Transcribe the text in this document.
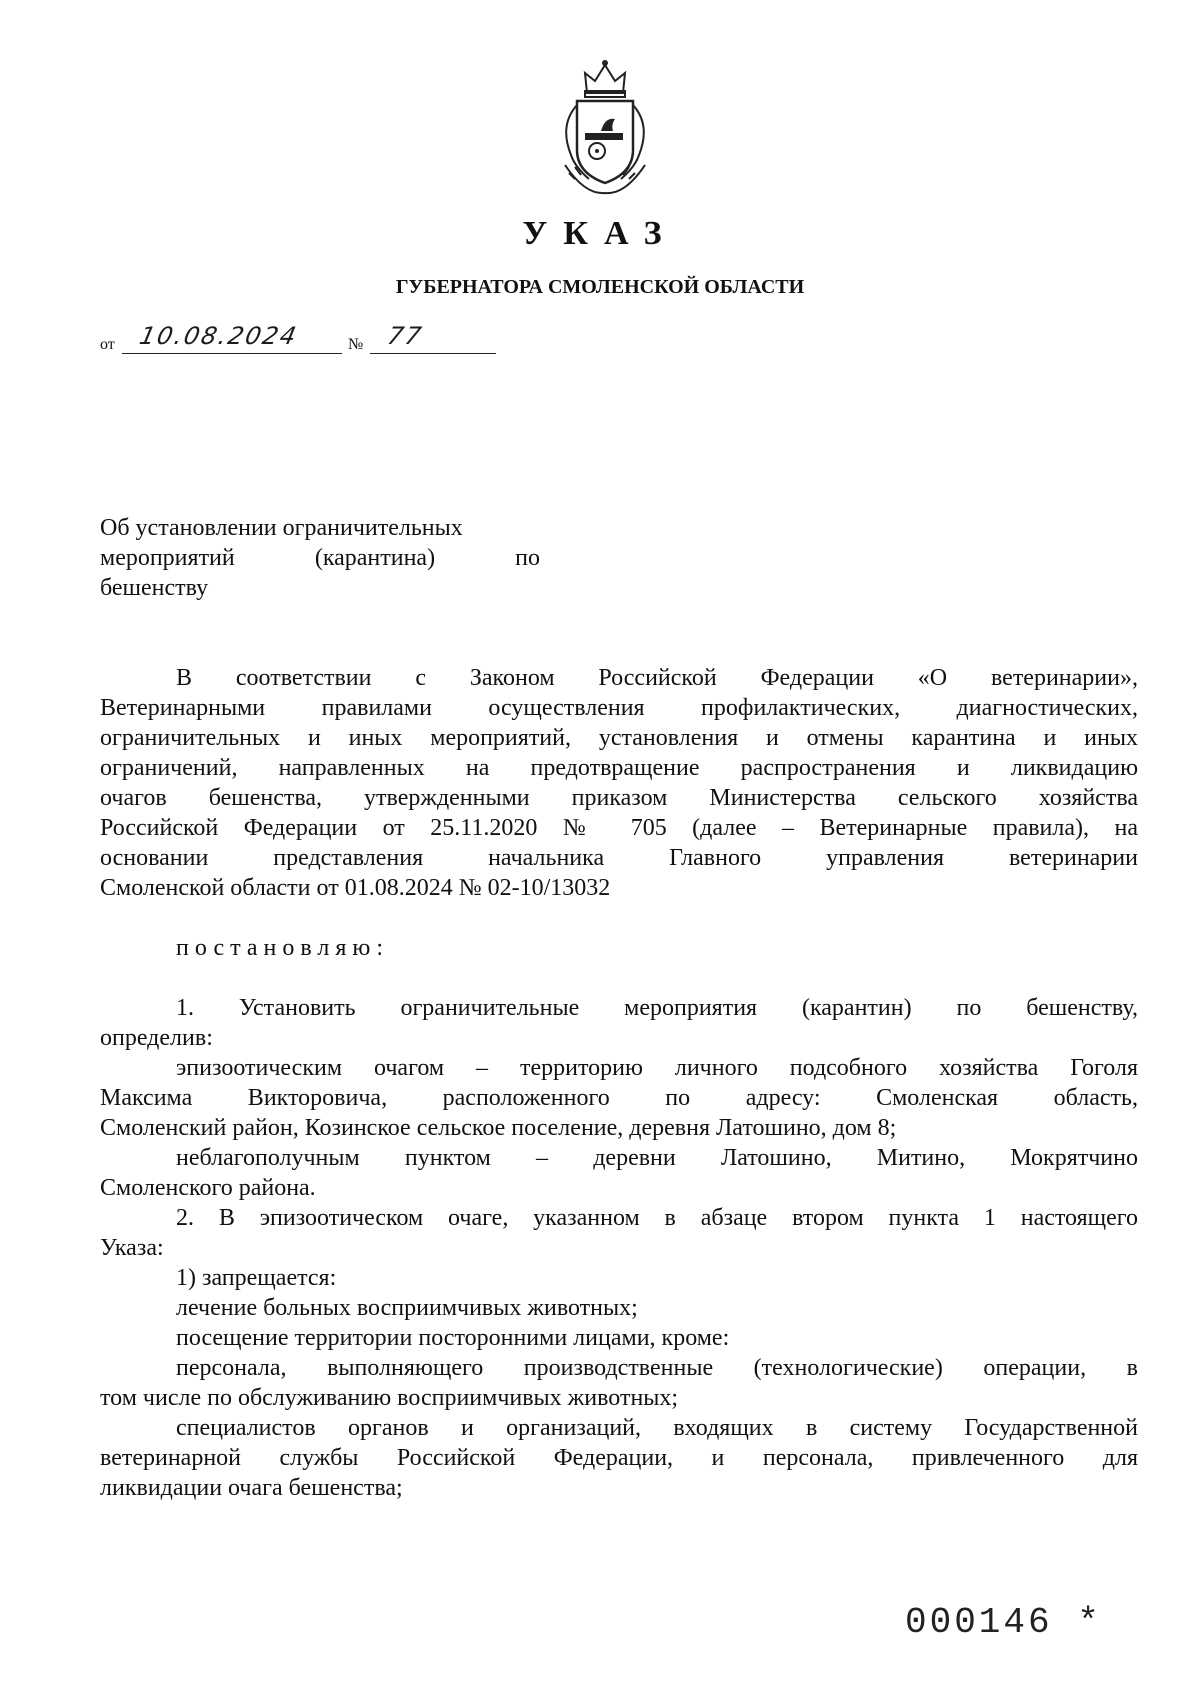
УКАЗ
ГУБЕРНАТОРА СМОЛЕНСКОЙ ОБЛАСТИ
от 10.08.2024	№ 77
Об установлении ограничительных
мероприятий (карантина) по
бешенству

В соответствии с Законом Российской Федерации «О ветеринарии»,

Ветеринарными правилами осуществления профилактических, диагностических,

ограничительных и иных мероприятий, установления и отмены карантина и иных

ограничений, направленных на предотвращение распространения и ликвидацию

очагов бешенства, утвержденными приказом Министерства сельского хозяйства

Российской Федерации от 25.11.2020 № 705 (далее – Ветеринарные правила), на

основании представления начальника Главного управления ветеринарии

Смоленской области от 01.08.2024 № 02-10/13032

постановляю:

1. Установить ограничительные мероприятия (карантин) по бешенству,

определив:

эпизоотическим очагом – территорию личного подсобного хозяйства Гоголя

Максима Викторовича, расположенного по адресу: Смоленская область,

Смоленский район, Козинское сельское поселение, деревня Латошино, дом 8;

неблагополучным пунктом – деревни Латошино, Митино, Мокрятчино

Смоленского района.

2. В эпизоотическом очаге, указанном в абзаце втором пункта 1 настоящего

Указа:

1) запрещается:

лечение больных восприимчивых животных;

посещение территории посторонними лицами, кроме:

персонала, выполняющего производственные (технологические) операции, в

том числе по обслуживанию восприимчивых животных;

специалистов органов и организаций, входящих в систему Государственной

ветеринарной службы Российской Федерации, и персонала, привлеченного для

ликвидации очага бешенства;

000146 *
